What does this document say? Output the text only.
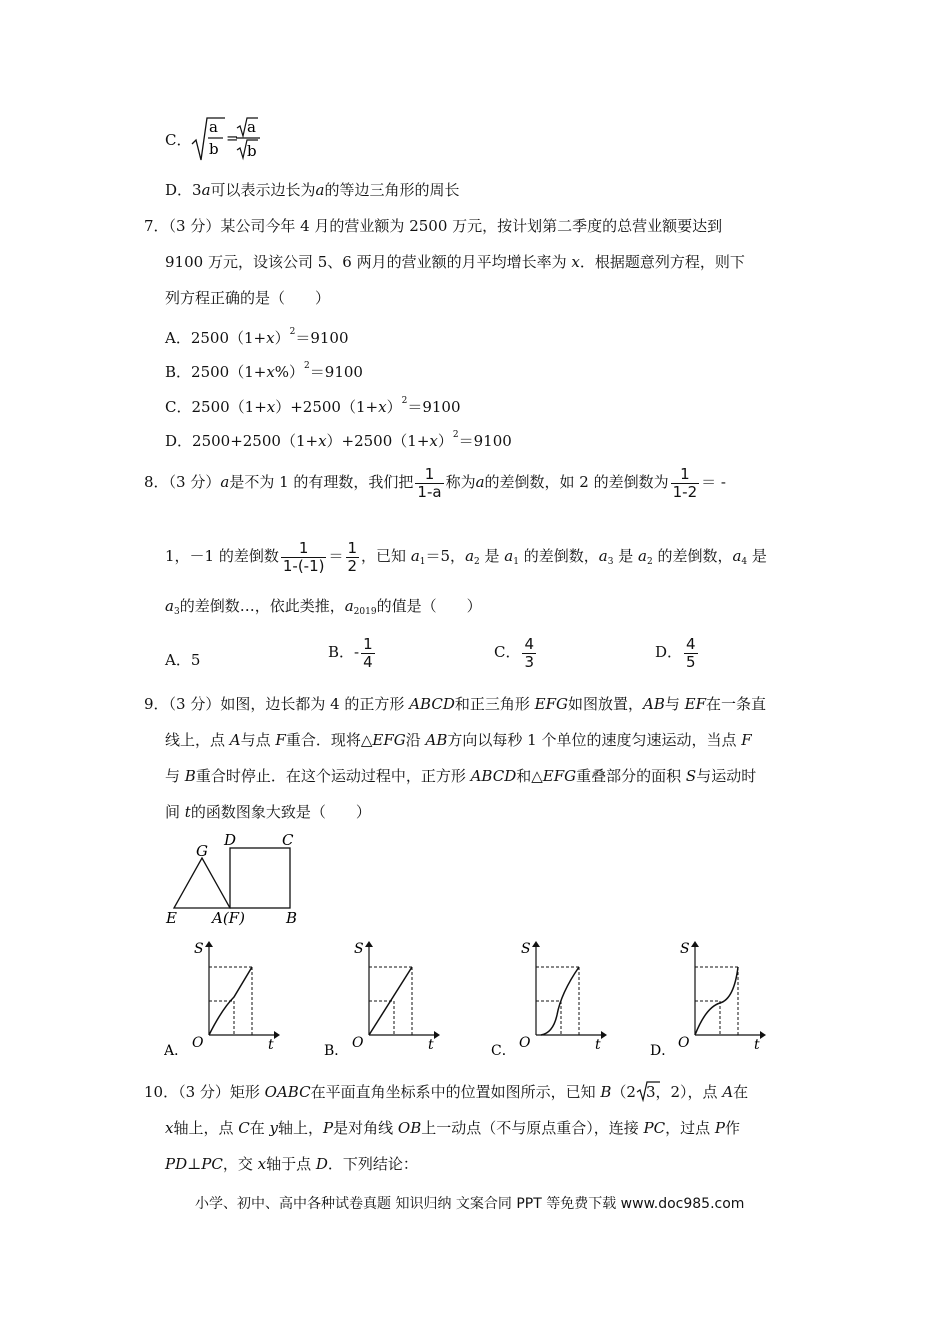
C．
a
b
=
a
b
D．3a可以表示边长为a的等边三角形的周长
7．（3 分）某公司今年 4 月的营业额为 2500 万元，按计划第二季度的总营业额要达到
9100 万元，设该公司 5、6 两月的营业额的月平均增长率为 x．根据题意列方程，则下
列方程正确的是（　　）
A．$2500(1+x)^2=9100$
B．$2500(1+x\%)^2=9100$
C．$2500(1+x)+2500(1+x)^2=9100$
D．$2500+2500(1+x)+2500(1+x)^2=9100$
8．（3 分）a是不为 1 的有理数，我们把 $\frac{1}{1-a}$ 称为a的差倒数，如 2 的差倒数为 $\frac{1}{1-2}$ ＝ -
1，－1 的差倒数 $\frac{1}{1-(-1)} = \frac{1}{2}$ ，已知 $a_1=5$，$a_2$ 是 $a_1$ 的差倒数，$a_3$ 是 $a_2$ 的差倒数，$a_4$ 是
$a_3$的差倒数…，依此类推，$a_{2019}$的值是（　　）
A．5	B．- $\frac{1}{4}$	C． $\frac{4}{3}$	D． $\frac{4}{5}$
9．（3 分）如图，边长都为 4 的正方形 ABCD和正三角形 EFG如图放置，AB与 EF在一条直
线上，点 A与点 F重合．现将△EFG沿 AB方向以每秒 1 个单位的速度匀速运动，当点 F
与 B重合时停止．在这个运动过程中，正方形 ABCD和△EFG重叠部分的面积 S与运动时
间 t的函数图象大致是（　　）
G
D	C
E A(F)	B
S
O	t
A．
S
O	t
B．
S
O	t
C．
S
O	t
D．
10．（3 分）矩形 OABC在平面直角坐标系中的位置如图所示，已知 B（2 3，2），点 A在
x轴上，点 C在 y轴上，P是对角线 OB上一动点（不与原点重合），连接 PC，过点 P作
PD⊥PC，交 x轴于点 D．下列结论：
小学、初中、高中各种试卷真题 知识归纳 文案合同 PPT 等免费下载 www.doc985.com
